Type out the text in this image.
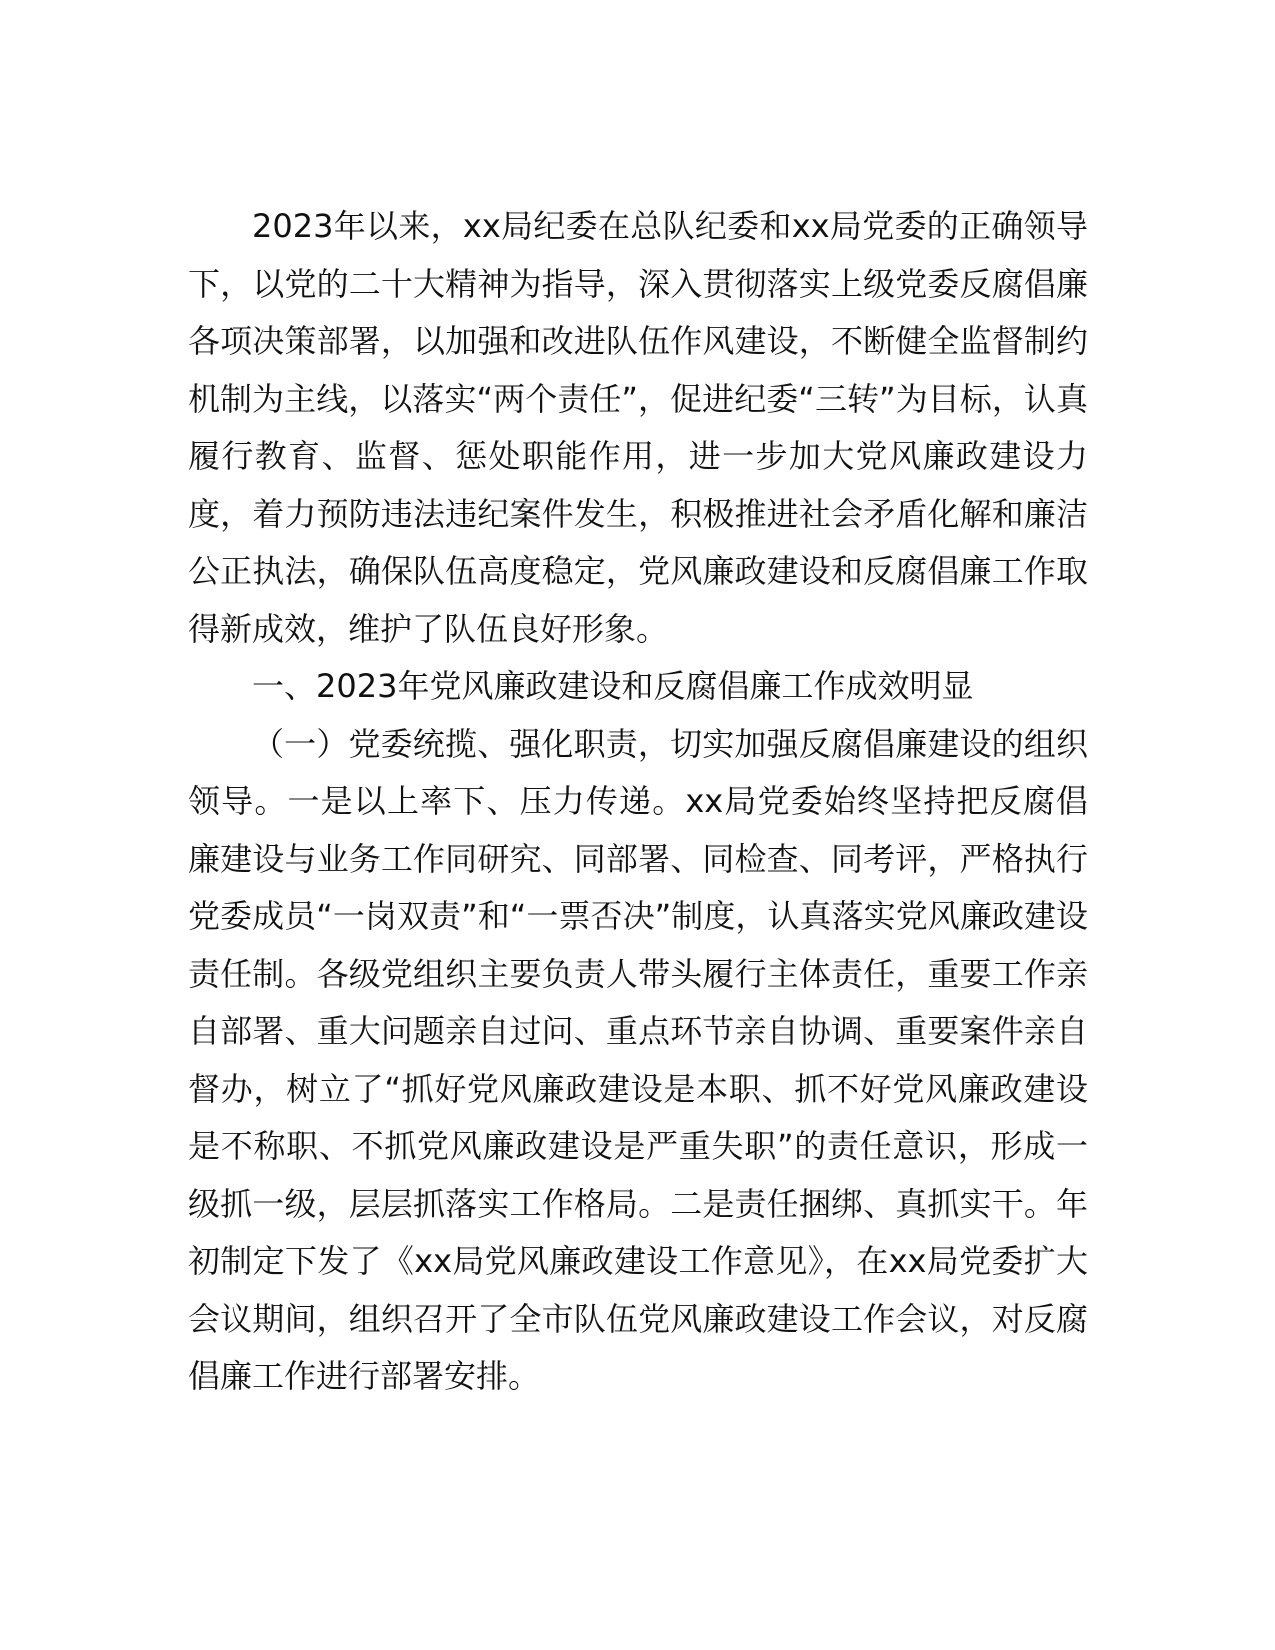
2023年以来，xx局纪委在总队纪委和xx局党委的正确领导下，以党的二十大精神为指导，深入贯彻落实上级党委反腐倡廉各项决策部署，以加强和改进队伍作风建设，不断健全监督制约机制为主线，以落实“两个责任”，促进纪委“三转”为目标，认真履行教育、监督、惩处职能作用，进一步加大党风廉政建设力度，着力预防违法违纪案件发生，积极推进社会矛盾化解和廉洁公正执法，确保队伍高度稳定，党风廉政建设和反腐倡廉工作取得新成效，维护了队伍良好形象。

一、2023年党风廉政建设和反腐倡廉工作成效明显

（一）党委统揽、强化职责，切实加强反腐倡廉建设的组织领导。一是以上率下、压力传递。xx局党委始终坚持把反腐倡廉建设与业务工作同研究、同部署、同检查、同考评，严格执行党委成员“一岗双责”和“一票否决”制度，认真落实党风廉政建设责任制。各级党组织主要负责人带头履行主体责任，重要工作亲自部署、重大问题亲自过问、重点环节亲自协调、重要案件亲自督办，树立了“抓好党风廉政建设是本职、抓不好党风廉政建设是不称职、不抓党风廉政建设是严重失职”的责任意识，形成一级抓一级，层层抓落实工作格局。二是责任捆绑、真抓实干。年初制定下发了《xx局党风廉政建设工作意见》，在xx局党委扩大会议期间，组织召开了全市队伍党风廉政建设工作会议，对反腐倡廉工作进行部署安排。
